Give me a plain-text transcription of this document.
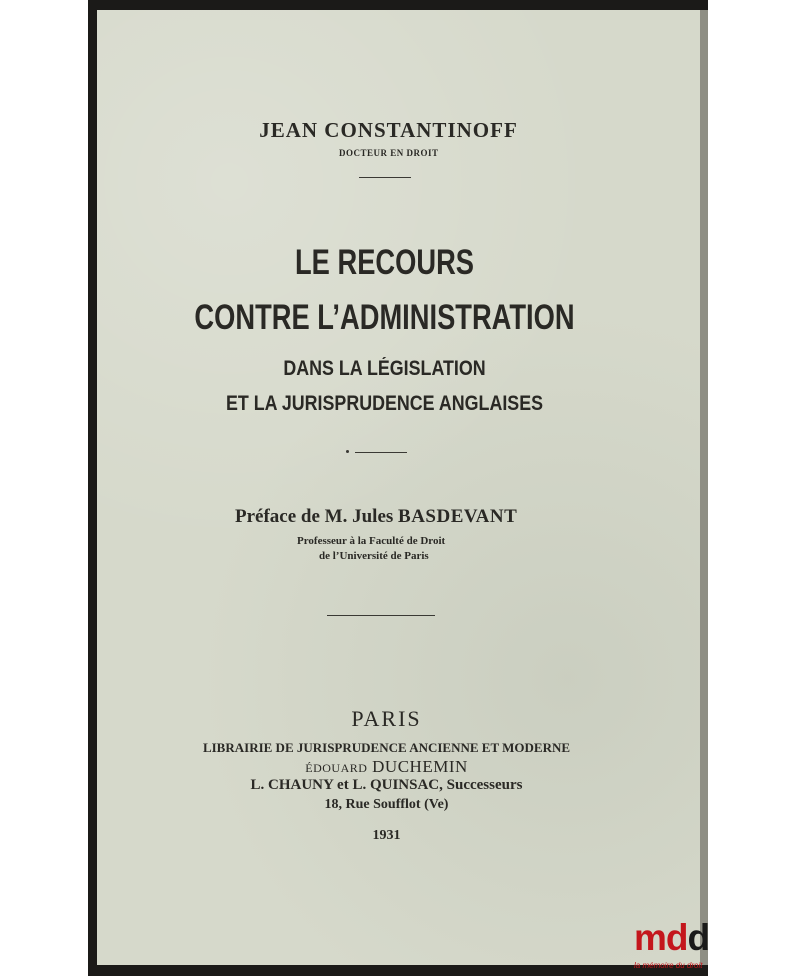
JEAN CONSTANTINOFF
DOCTEUR EN DROIT
LE RECOURS
CONTRE L’ADMINISTRATION
DANS LA LÉGISLATION
ET LA JURISPRUDENCE ANGLAISES
Préface de M. Jules BASDEVANT
Professeur à la Faculté de Droit
de l’Université de Paris
PARIS
LIBRAIRIE DE JURISPRUDENCE ANCIENNE ET MODERNE
ÉDOUARD DUCHEMIN
L. CHAUNY et L. QUINSAC, Successeurs
18, Rue Soufflot (Ve)
1931
mdd
la mémoire du droit
